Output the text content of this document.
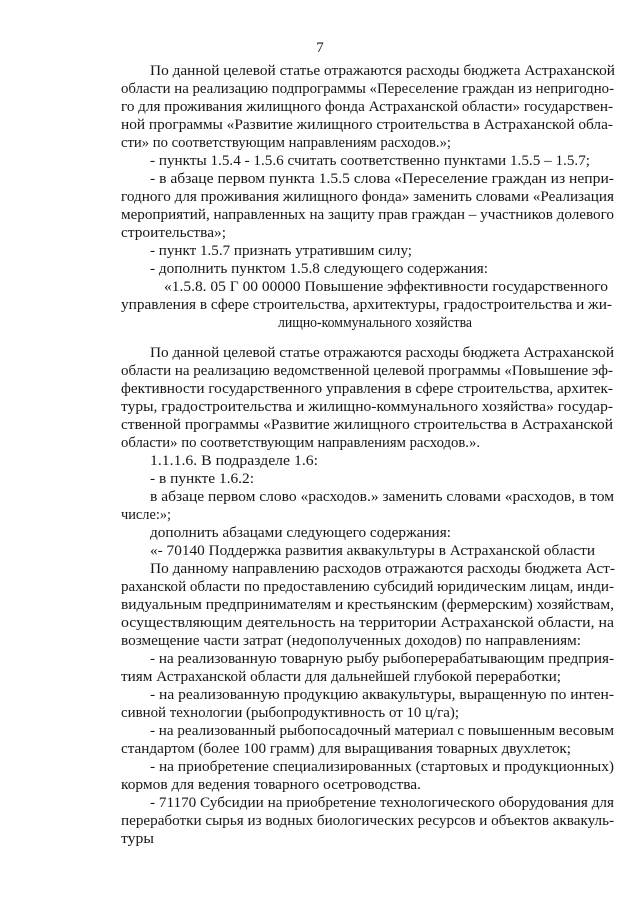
7
По данной целевой статье отражаются расходы бюджета Астраханской
области на реализацию подпрограммы «Переселение граждан из непригодно-
го для проживания жилищного фонда Астраханской области» государствен-
ной программы «Развитие жилищного строительства в Астраханской обла-
сти» по соответствующим направлениям расходов.»;
- пункты 1.5.4 - 1.5.6 считать соответственно пунктами 1.5.5 – 1.5.7;
- в абзаце первом пункта 1.5.5 слова «Переселение граждан из непри-
годного для проживания жилищного фонда» заменить словами «Реализация
мероприятий, направленных на защиту прав граждан – участников долевого
строительства»;
- пункт 1.5.7 признать утратившим силу;
- дополнить пунктом 1.5.8 следующего содержания:
«1.5.8. 05 Г 00 00000 Повышение эффективности государственного
управления в сфере строительства, архитектуры, градостроительства и жи-
лищно-коммунального хозяйства
По данной целевой статье отражаются расходы бюджета Астраханской
области на реализацию ведомственной целевой программы «Повышение эф-
фективности государственного управления в сфере строительства, архитек-
туры, градостроительства и жилищно-коммунального хозяйства» государ-
ственной программы «Развитие жилищного строительства в Астраханской
области» по соответствующим направлениям расходов.».
1.1.1.6. В подразделе 1.6:
- в пункте 1.6.2:
в абзаце первом слово «расходов.» заменить словами «расходов, в том
числе:»;
дополнить абзацами следующего содержания:
«- 70140 Поддержка развития аквакультуры в Астраханской области
По данному направлению расходов отражаются расходы бюджета Аст-
раханской области по предоставлению субсидий юридическим лицам, инди-
видуальным предпринимателям и крестьянским (фермерским) хозяйствам,
осуществляющим деятельность на территории Астраханской области, на
возмещение части затрат (недополученных доходов) по направлениям:
- на реализованную товарную рыбу рыбоперерабатывающим предприя-
тиям Астраханской области для дальнейшей глубокой переработки;
- на реализованную продукцию аквакультуры, выращенную по интен-
сивной технологии (рыбопродуктивность от 10 ц/га);
- на реализованный рыбопосадочный материал с повышенным весовым
стандартом (более 100 грамм) для выращивания товарных двухлеток;
- на приобретение специализированных (стартовых и продукционных)
кормов для ведения товарного осетроводства.
- 71170 Субсидии на приобретение технологического оборудования для
переработки сырья из водных биологических ресурсов и объектов аквакуль-
туры
